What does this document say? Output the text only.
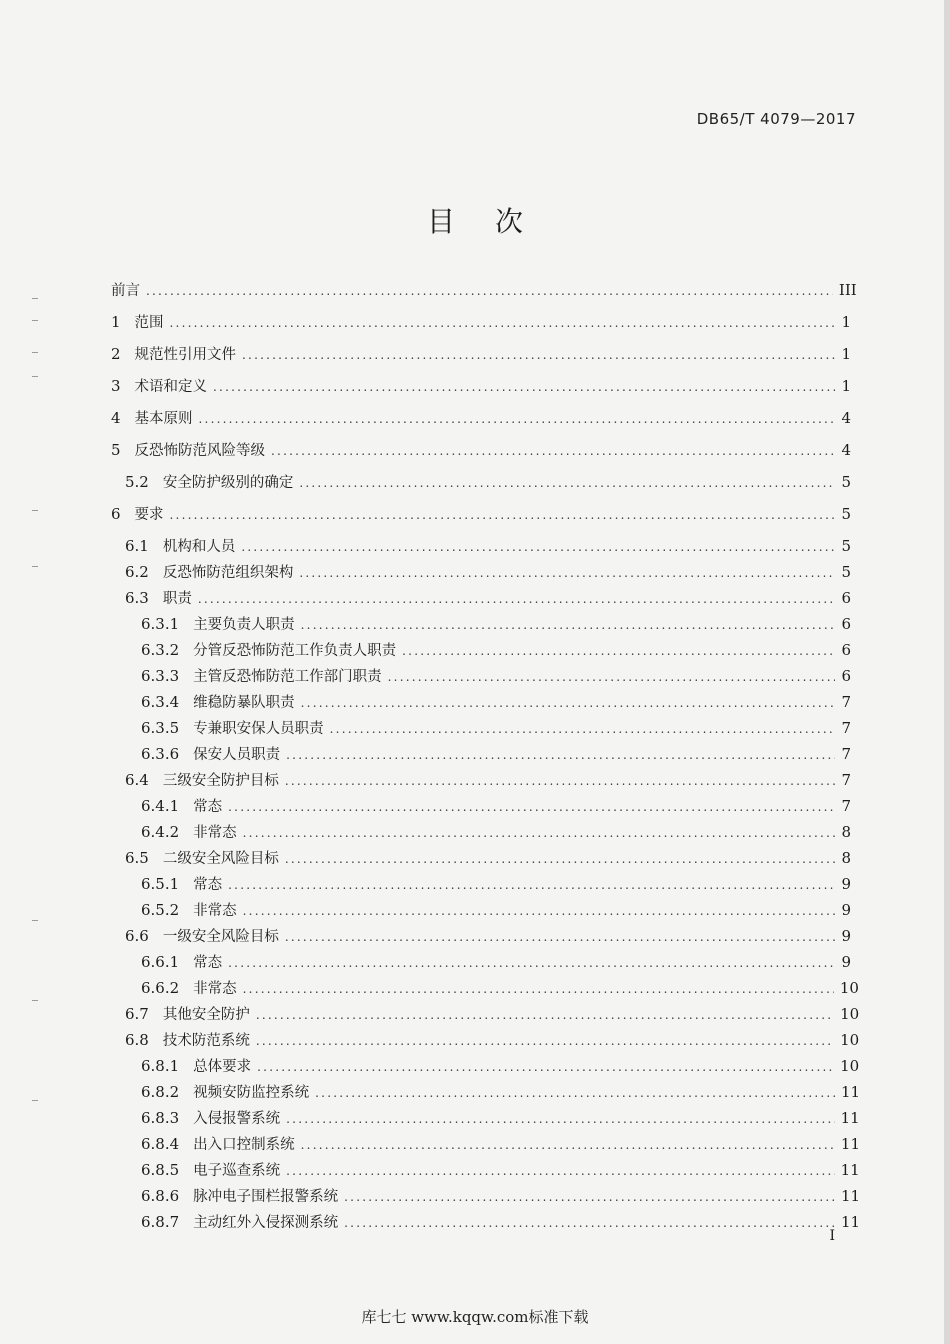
DB65/T 4079—2017
目次
前言 .....	III
1 范围 .....	1
2 规范性引用文件 .....	1
3 术语和定义 .....	1
4 基本原则 .....	4
5 反恐怖防范风险等级 .....	4
5.2 安全防护级别的确定 .....	5
6 要求 .....	5
6.1 机构和人员 .....	5
6.2 反恐怖防范组织架构 .....	5
6.3 职责 .....	6
6.3.1 主要负责人职责 .....	6
6.3.2 分管反恐怖防范工作负责人职责 .....	6
6.3.3 主管反恐怖防范工作部门职责 .....	6
6.3.4 维稳防暴队职责 .....	7
6.3.5 专兼职安保人员职责 .....	7
6.3.6 保安人员职责 .....	7
6.4 三级安全防护目标 .....	7
6.4.1 常态 .....	7
6.4.2 非常态 .....	8
6.5 二级安全风险目标 .....	8
6.5.1 常态 .....	9
6.5.2 非常态 .....	9
6.6 一级安全风险目标 .....	9
6.6.1 常态 .....	9
6.6.2 非常态 .....	10
6.7 其他安全防护 .....	10
6.8 技术防范系统 .....	10
6.8.1 总体要求 .....	10
6.8.2 视频安防监控系统 .....	11
6.8.3 入侵报警系统 .....	11
6.8.4 出入口控制系统 .....	11
6.8.5 电子巡查系统 .....	11
6.8.6 脉冲电子围栏报警系统 .....	11
6.8.7 主动红外入侵探测系统 .....	11
I
库七七 www.kqqw.com标准下载
